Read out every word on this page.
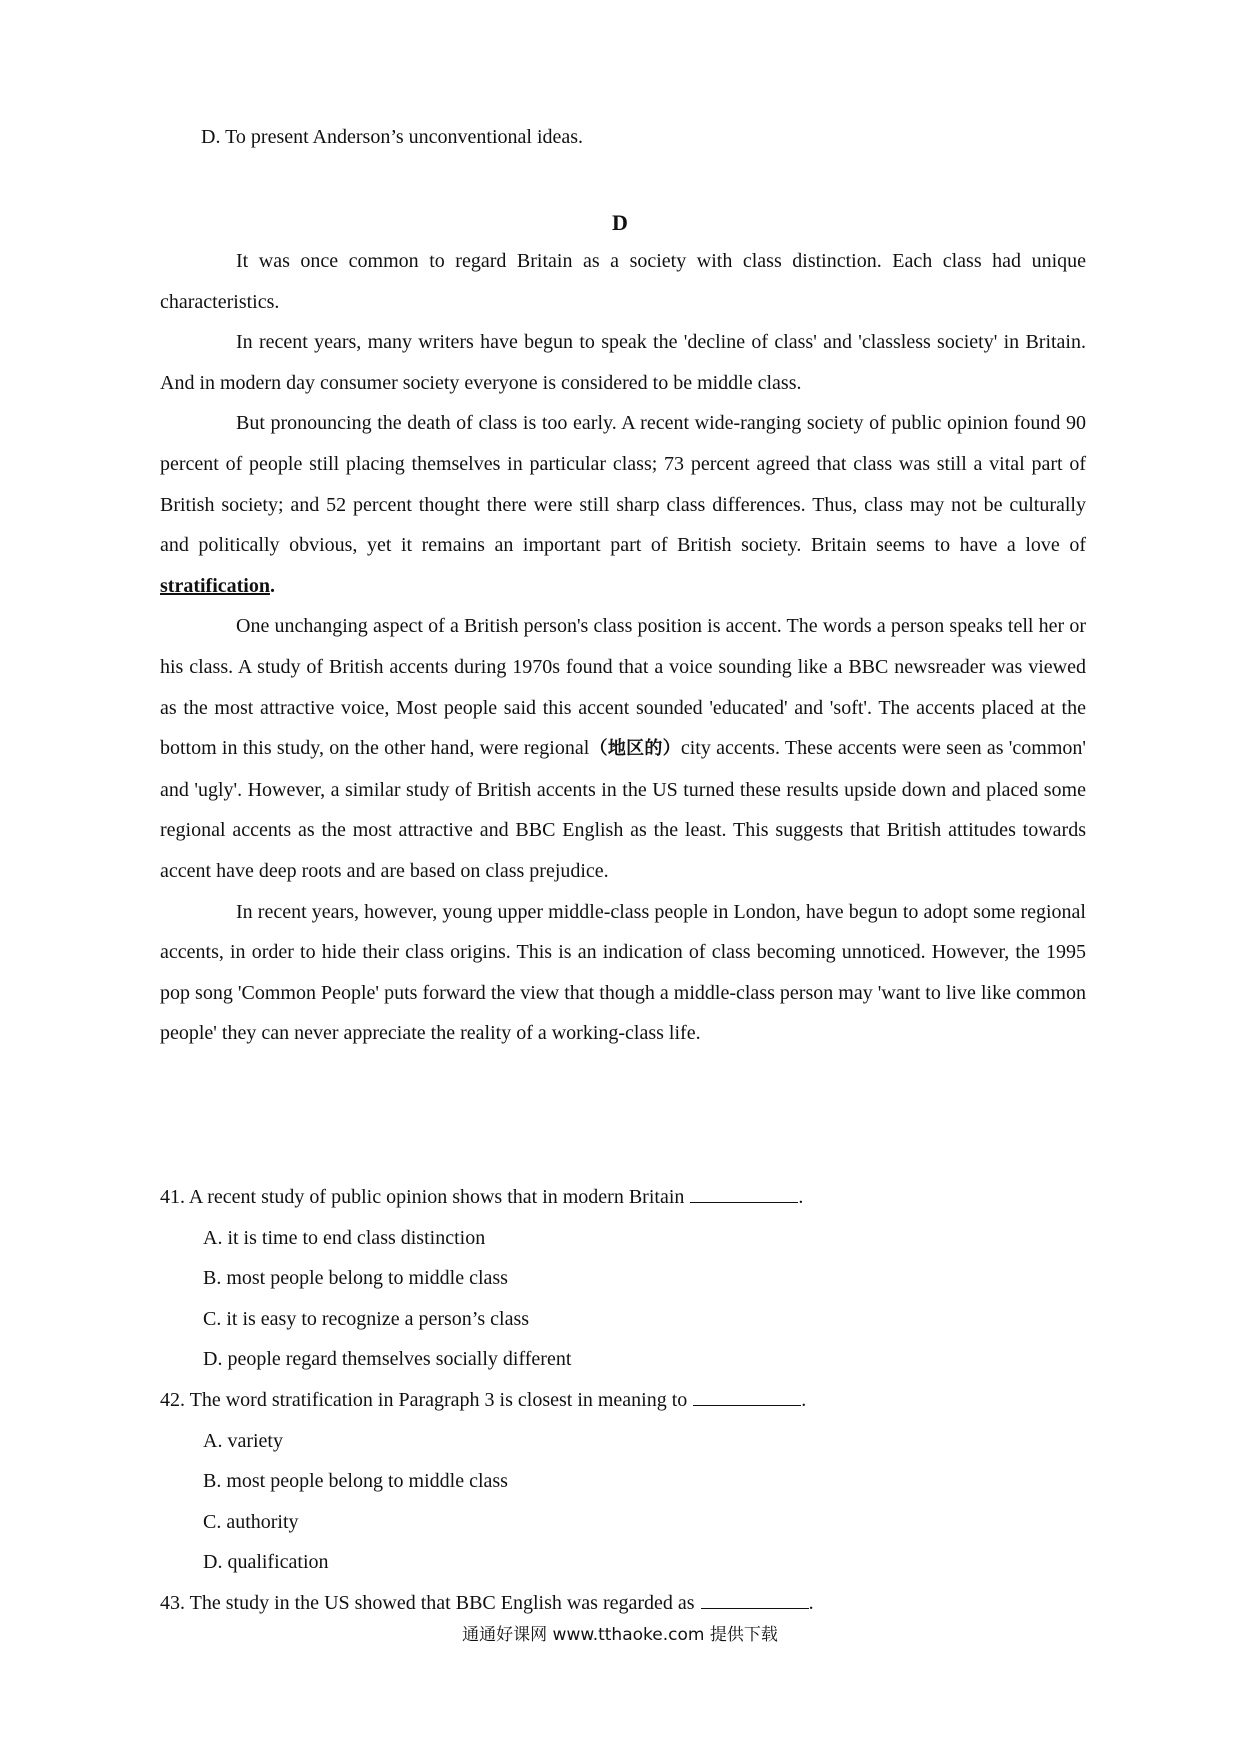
D. To present Anderson’s unconventional ideas.
D

It was once common to regard Britain as a society with class distinction. Each class had unique characteristics.

In recent years, many writers have begun to speak the 'decline of class' and 'classless society' in Britain. And in modern day consumer society everyone is considered to be middle class.

But pronouncing the death of class is too early. A recent wide-ranging society of public opinion found 90 percent of people still placing themselves in particular class; 73 percent agreed that class was still a vital part of British society; and 52 percent thought there were still sharp class differences. Thus, class may not be culturally and politically obvious, yet it remains an important part of British society. Britain seems to have a love of stratification.

One unchanging aspect of a British person's class position is accent. The words a person speaks tell her or his class. A study of British accents during 1970s found that a voice sounding like a BBC newsreader was viewed as the most attractive voice, Most people said this accent sounded 'educated' and 'soft'. The accents placed at the bottom in this study, on the other hand, were regional（地区的）city accents. These accents were seen as 'common' and 'ugly'. However, a similar study of British accents in the US turned these results upside down and placed some regional accents as the most attractive and BBC English as the least. This suggests that British attitudes towards accent have deep roots and are based on class prejudice.

In recent years, however, young upper middle-class people in London, have begun to adopt some regional accents, in order to hide their class origins. This is an indication of class becoming unnoticed. However, the 1995 pop song 'Common People' puts forward the view that though a middle-class person may 'want to live like common people' they can never appreciate the reality of a working-class life.

41. A recent study of public opinion shows that in modern Britain	.

A. it is time to end class distinction

B. most people belong to middle class

C. it is easy to recognize a person’s class

D. people regard themselves socially different

42. The word stratification in Paragraph 3 is closest in meaning to	.

A. variety

B. most people belong to middle class

C. authority

D. qualification

43. The study in the US showed that BBC English was regarded as	.

通通好课网 www.tthaoke.com 提供下载
